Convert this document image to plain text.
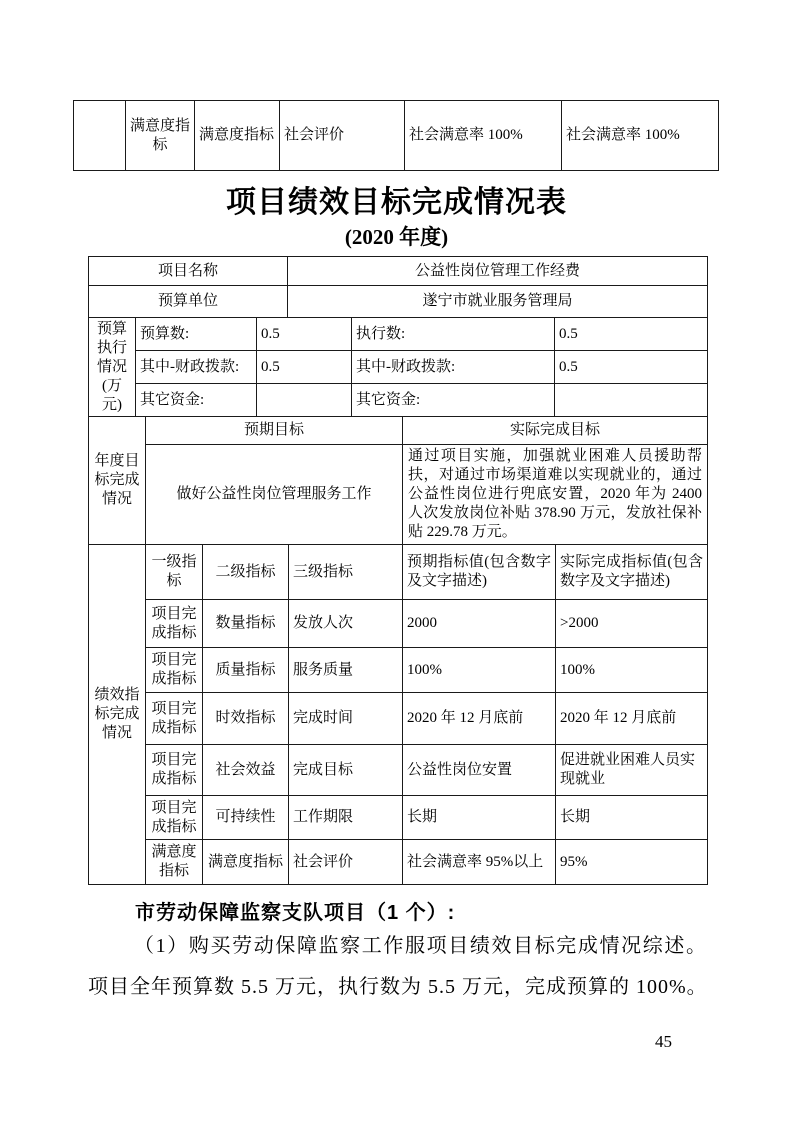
	满意度指标	满意度指标	社会评价	社会满意率 100%	社会满意率 100%
项目绩效目标完成情况表
(2020 年度)
项目名称	公益性岗位管理工作经费
预算单位	遂宁市就业服务管理局
预算执行情况(万元)	预算数:	0.5	执行数:	0.5
	其中-财政拨款:	0.5	其中-财政拨款:	0.5
	其它资金:		其它资金:	
年度目标完成情况	预期目标	实际完成目标
	做好公益性岗位管理服务工作	通过项目实施，加强就业困难人员援助帮扶，对通过市场渠道难以实现就业的，通过公益性岗位进行兜底安置，2020 年为 2400 人次发放岗位补贴 378.90 万元，发放社保补贴 229.78 万元。
绩效指标完成情况	一级指标	二级指标	三级指标	预期指标值(包含数字及文字描述)	实际完成指标值(包含数字及文字描述)
	项目完成指标	数量指标	发放人次	2000	>2000
	项目完成指标	质量指标	服务质量	100%	100%
	项目完成指标	时效指标	完成时间	2020 年 12 月底前	2020 年 12 月底前
	项目完成指标	社会效益	完成目标	公益性岗位安置	促进就业困难人员实现就业
	项目完成指标	可持续性	工作期限	长期	长期
	满意度指标	满意度指标	社会评价	社会满意率 95%以上	95%
市劳动保障监察支队项目（1 个）:
（1）购买劳动保障监察工作服项目绩效目标完成情况综述。
项目全年预算数 5.5 万元，执行数为 5.5 万元，完成预算的 100%。
45
